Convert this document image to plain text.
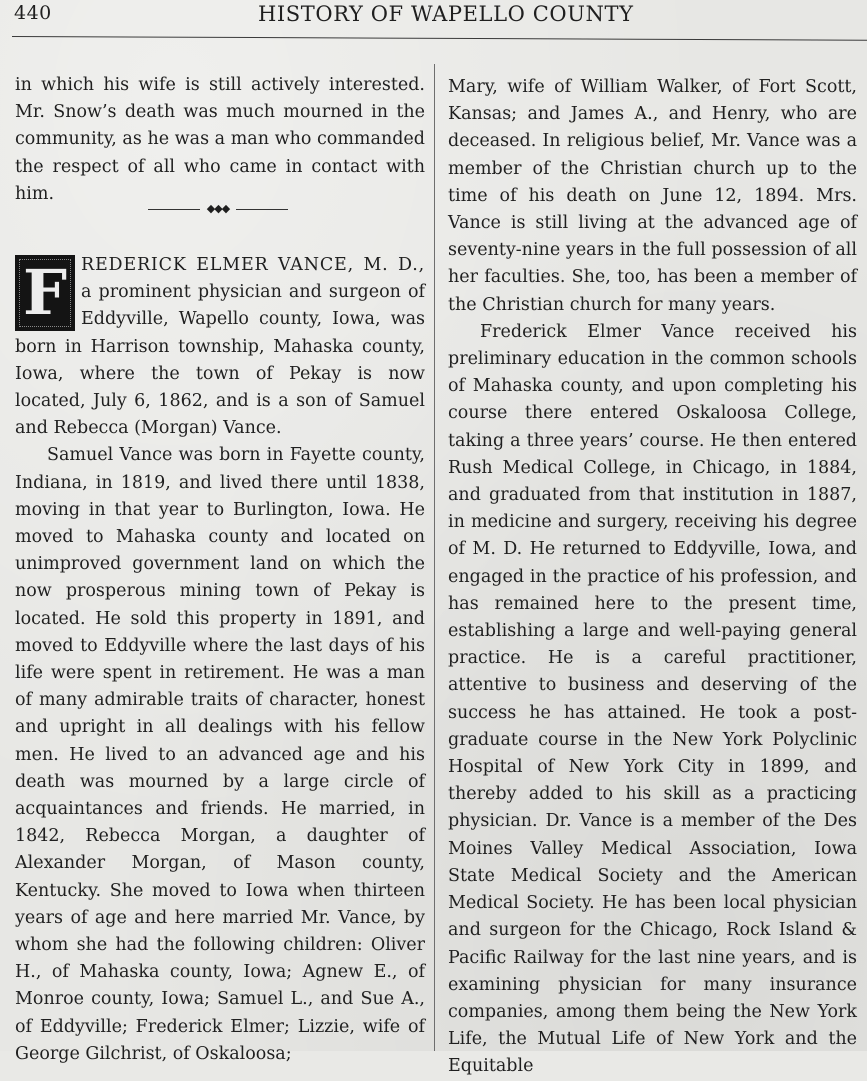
440	HISTORY OF WAPELLO COUNTY

in which his wife is still actively interested. Mr. Snow’s death was much mourned in the community, as he was a man who commanded the respect of all who came in contact with him.

◆◆◆
F REDERICK ELMER VANCE, M. D., a prominent physician and surgeon of Eddyville, Wapello county, Iowa, was born in Harrison township, Mahaska county, Iowa, where the town of Pekay is now located, July 6, 1862, and is a son of Samuel and Rebecca (Morgan) Vance.

Samuel Vance was born in Fayette county, Indiana, in 1819, and lived there until 1838, moving in that year to Burlington, Iowa. He moved to Mahaska county and located on unimproved government land on which the now prosperous mining town of Pekay is located. He sold this property in 1891, and moved to Eddyville where the last days of his life were spent in retirement. He was a man of many admirable traits of character, honest and upright in all dealings with his fellow men. He lived to an advanced age and his death was mourned by a large circle of acquaintances and friends. He married, in 1842, Rebecca Morgan, a daughter of Alexander Morgan, of Mason county, Kentucky. She moved to Iowa when thirteen years of age and here married Mr. Vance, by whom she had the following children: Oliver H., of Mahaska county, Iowa; Agnew E., of Monroe county, Iowa; Samuel L., and Sue A., of Eddyville; Frederick Elmer; Lizzie, wife of George Gilchrist, of Oskaloosa;

Mary, wife of William Walker, of Fort Scott, Kansas; and James A., and Henry, who are deceased. In religious belief, Mr. Vance was a member of the Christian church up to the time of his death on June 12, 1894. Mrs. Vance is still living at the advanced age of seventy-nine years in the full possession of all her faculties. She, too, has been a member of the Christian church for many years.

Frederick Elmer Vance received his preliminary education in the common schools of Mahaska county, and upon completing his course there entered Oskaloosa College, taking a three years’ course. He then entered Rush Medical College, in Chicago, in 1884, and graduated from that institution in 1887, in medicine and surgery, receiving his degree of M. D. He returned to Eddyville, Iowa, and engaged in the practice of his profession, and has remained here to the present time, establishing a large and well-paying general practice. He is a careful practitioner, attentive to business and deserving of the success he has attained. He took a post- graduate course in the New York Polyclinic Hospital of New York City in 1899, and thereby added to his skill as a practicing physician. Dr. Vance is a member of the Des Moines Valley Medical Association, Iowa State Medical Society and the American Medical Society. He has been local physician and surgeon for the Chicago, Rock Island & Pacific Railway for the last nine years, and is examining physician for many insurance companies, among them being the New York Life, the Mutual Life of New York and the Equitable
